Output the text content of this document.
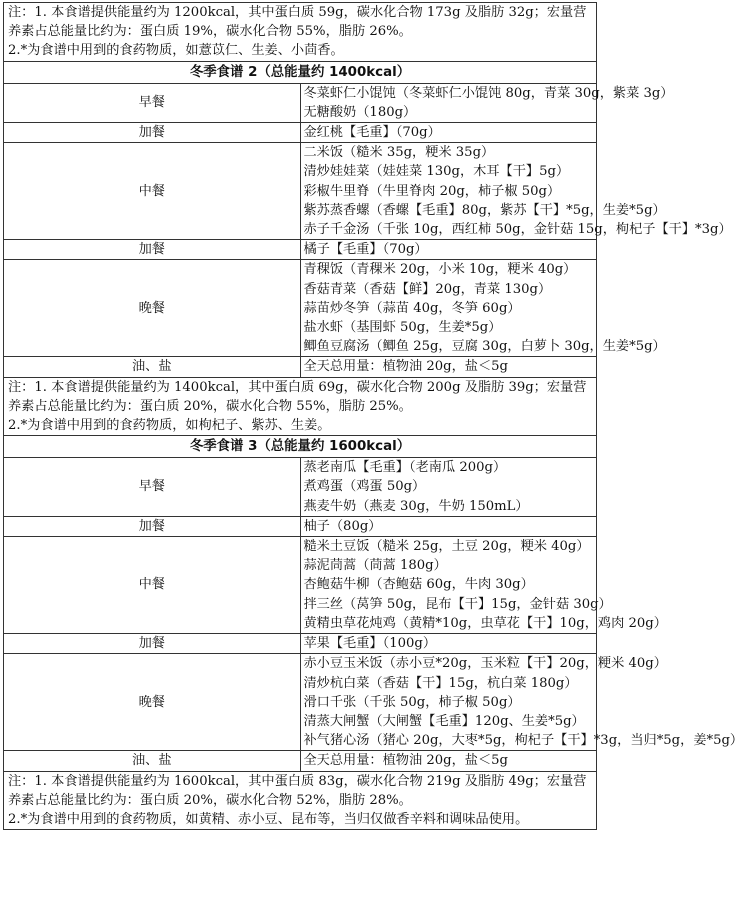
注：1. 本食谱提供能量约为 1200kcal，其中蛋白质 59g，碳水化合物 173g 及脂肪 32g；宏量营养素占总能量比约为：蛋白质 19%，碳水化合物 55%，脂肪 26%。
2.*为食谱中用到的食药物质，如薏苡仁、生姜、小茴香。	

冬季食谱 2（总能量约 1400kcal）	
早餐	冬菜虾仁小馄饨（冬菜虾仁小馄饨 80g，青菜 30g，紫菜 3g）
无糖酸奶（180g）

加餐	金红桃【毛重】（70g）

中餐	二米饭（糙米 35g，粳米 35g）
清炒娃娃菜（娃娃菜 130g，木耳【干】5g）
彩椒牛里脊（牛里脊肉 20g，柿子椒 50g）
紫苏蒸香螺（香螺【毛重】80g，紫苏【干】*5g，生姜*5g）
赤子千金汤（千张 10g，西红柿 50g，金针菇 15g，枸杞子【干】*3g）

加餐	橘子【毛重】（70g）

晚餐	青稞饭（青稞米 20g，小米 10g，粳米 40g）
香菇青菜（香菇【鲜】20g，青菜 130g）
蒜苗炒冬笋（蒜苗 40g，冬笋 60g）
盐水虾（基围虾 50g，生姜*5g）
鲫鱼豆腐汤（鲫鱼 25g，豆腐 30g，白萝卜 30g，生姜*5g）

油、盐	全天总用量：植物油 20g，盐＜5g

注：1. 本食谱提供能量约为 1400kcal，其中蛋白质 69g，碳水化合物 200g 及脂肪 39g；宏量营养素占总能量比约为：蛋白质 20%，碳水化合物 55%，脂肪 25%。
2.*为食谱中用到的食药物质，如枸杞子、紫苏、生姜。	

冬季食谱 3（总能量约 1600kcal）	
早餐	蒸老南瓜【毛重】（老南瓜 200g）
煮鸡蛋（鸡蛋 50g）
燕麦牛奶（燕麦 30g，牛奶 150mL）

加餐	柚子（80g）

中餐	糙米土豆饭（糙米 25g，土豆 20g，粳米 40g）
蒜泥茼蒿（茼蒿 180g）
杏鲍菇牛柳（杏鲍菇 60g，牛肉 30g）
拌三丝（莴笋 50g，昆布【干】15g，金针菇 30g）
黄精虫草花炖鸡（黄精*10g，虫草花【干】10g，鸡肉 20g）

加餐	苹果【毛重】（100g）

晚餐	赤小豆玉米饭（赤小豆*20g，玉米粒【干】20g，粳米 40g）
清炒杭白菜（香菇【干】15g，杭白菜 180g）
滑口千张（千张 50g，柿子椒 50g）
清蒸大闸蟹（大闸蟹【毛重】120g、生姜*5g）
补气猪心汤（猪心 20g，大枣*5g，枸杞子【干】*3g，当归*5g，姜*5g）

油、盐	全天总用量：植物油 20g，盐＜5g

注：1. 本食谱提供能量约为 1600kcal，其中蛋白质 83g，碳水化合物 219g 及脂肪 49g；宏量营养素占总能量比约为：蛋白质 20%，碳水化合物 52%，脂肪 28%。
2.*为食谱中用到的食药物质，如黄精、赤小豆、昆布等，当归仅做香辛料和调味品使用。	
